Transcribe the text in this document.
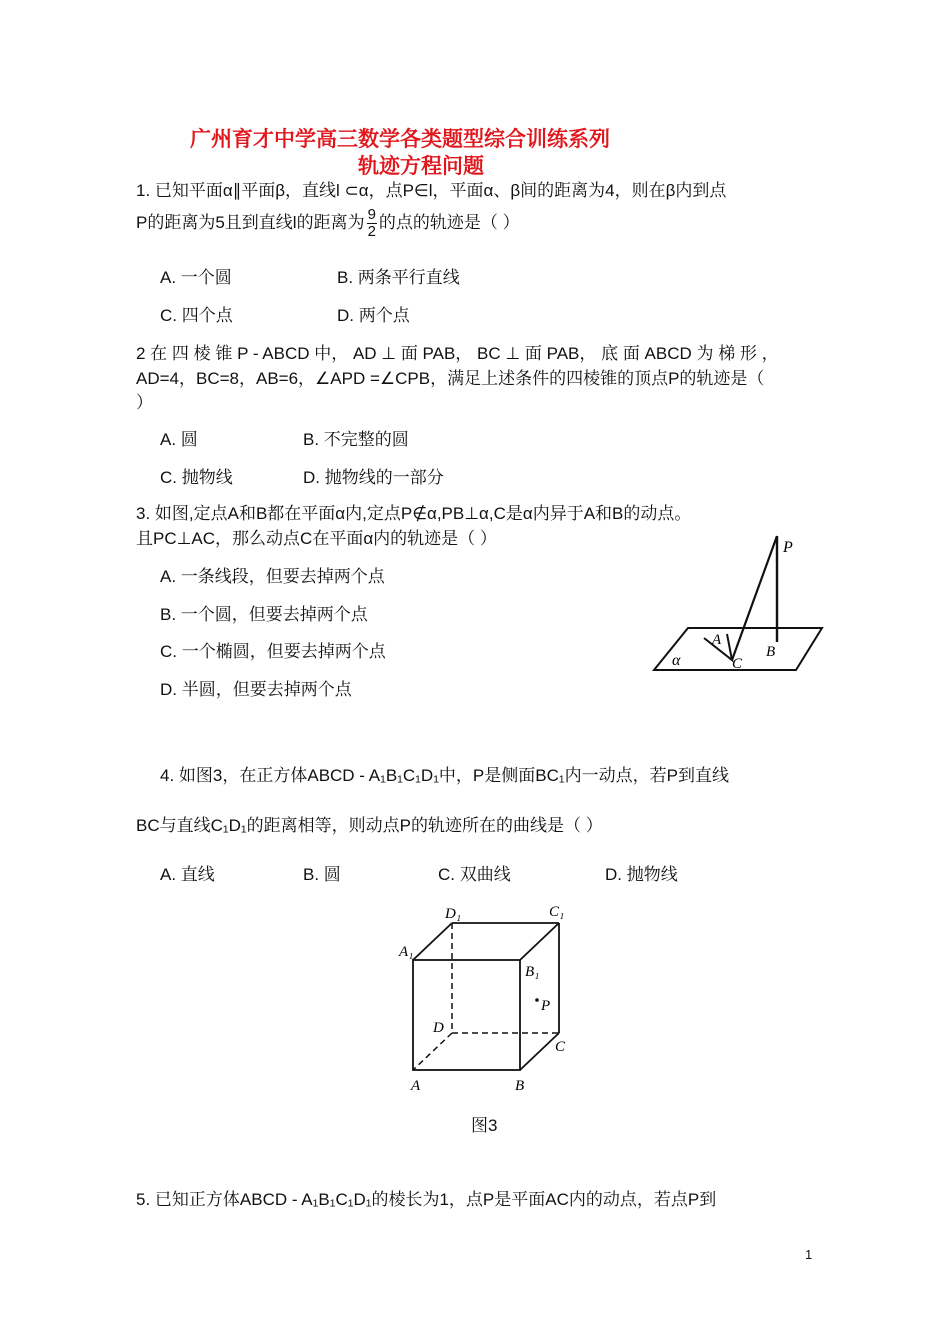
广州育才中学高三数学各类题型综合训练系列
轨迹方程问题
1. 已知平面α∥平面β，直线l ⊂α，点P∈l，平面α、β间的距离为4，则在β内到点
P的距离为5且到直线l的距离为 $\frac{9}{2}$ 的点的轨迹是（ ）
A. 一个圆	B. 两条平行直线
C. 四个点	D. 两个点
2 在 四 棱 锥 P - ABCD 中， AD ⊥ 面 PAB， BC ⊥ 面 PAB， 底 面 ABCD 为 梯 形 ，
AD=4，BC=8，AB=6，∠APD =∠CPB，满足上述条件的四棱锥的顶点P的轨迹是（
）
A. 圆	B. 不完整的圆
C. 抛物线	D. 抛物线的一部分
3. 如图,定点A和B都在平面α内,定点P∉α,PB⊥α,C是α内异于A和B的动点。
且PC⊥AC，那么动点C在平面α内的轨迹是（ ）
A. 一条线段，但要去掉两个点
B. 一个圆，但要去掉两个点
C. 一个椭圆，但要去掉两个点
D. 半圆，但要去掉两个点
P
A
C
B
α
4. 如图3，在正方体ABCD - A₁B₁C₁D₁中，P是侧面BC₁内一动点，若P到直线
BC与直线C₁D₁的距离相等，则动点P的轨迹所在的曲线是（ ）
A. 直线	B. 圆	C. 双曲线	D. 抛物线
D₁	C₁
A₁
B₁
P
D
C
A	B
图3
5. 已知正方体ABCD - A₁B₁C₁D₁的棱长为1，点P是平面AC内的动点，若点P到
1
